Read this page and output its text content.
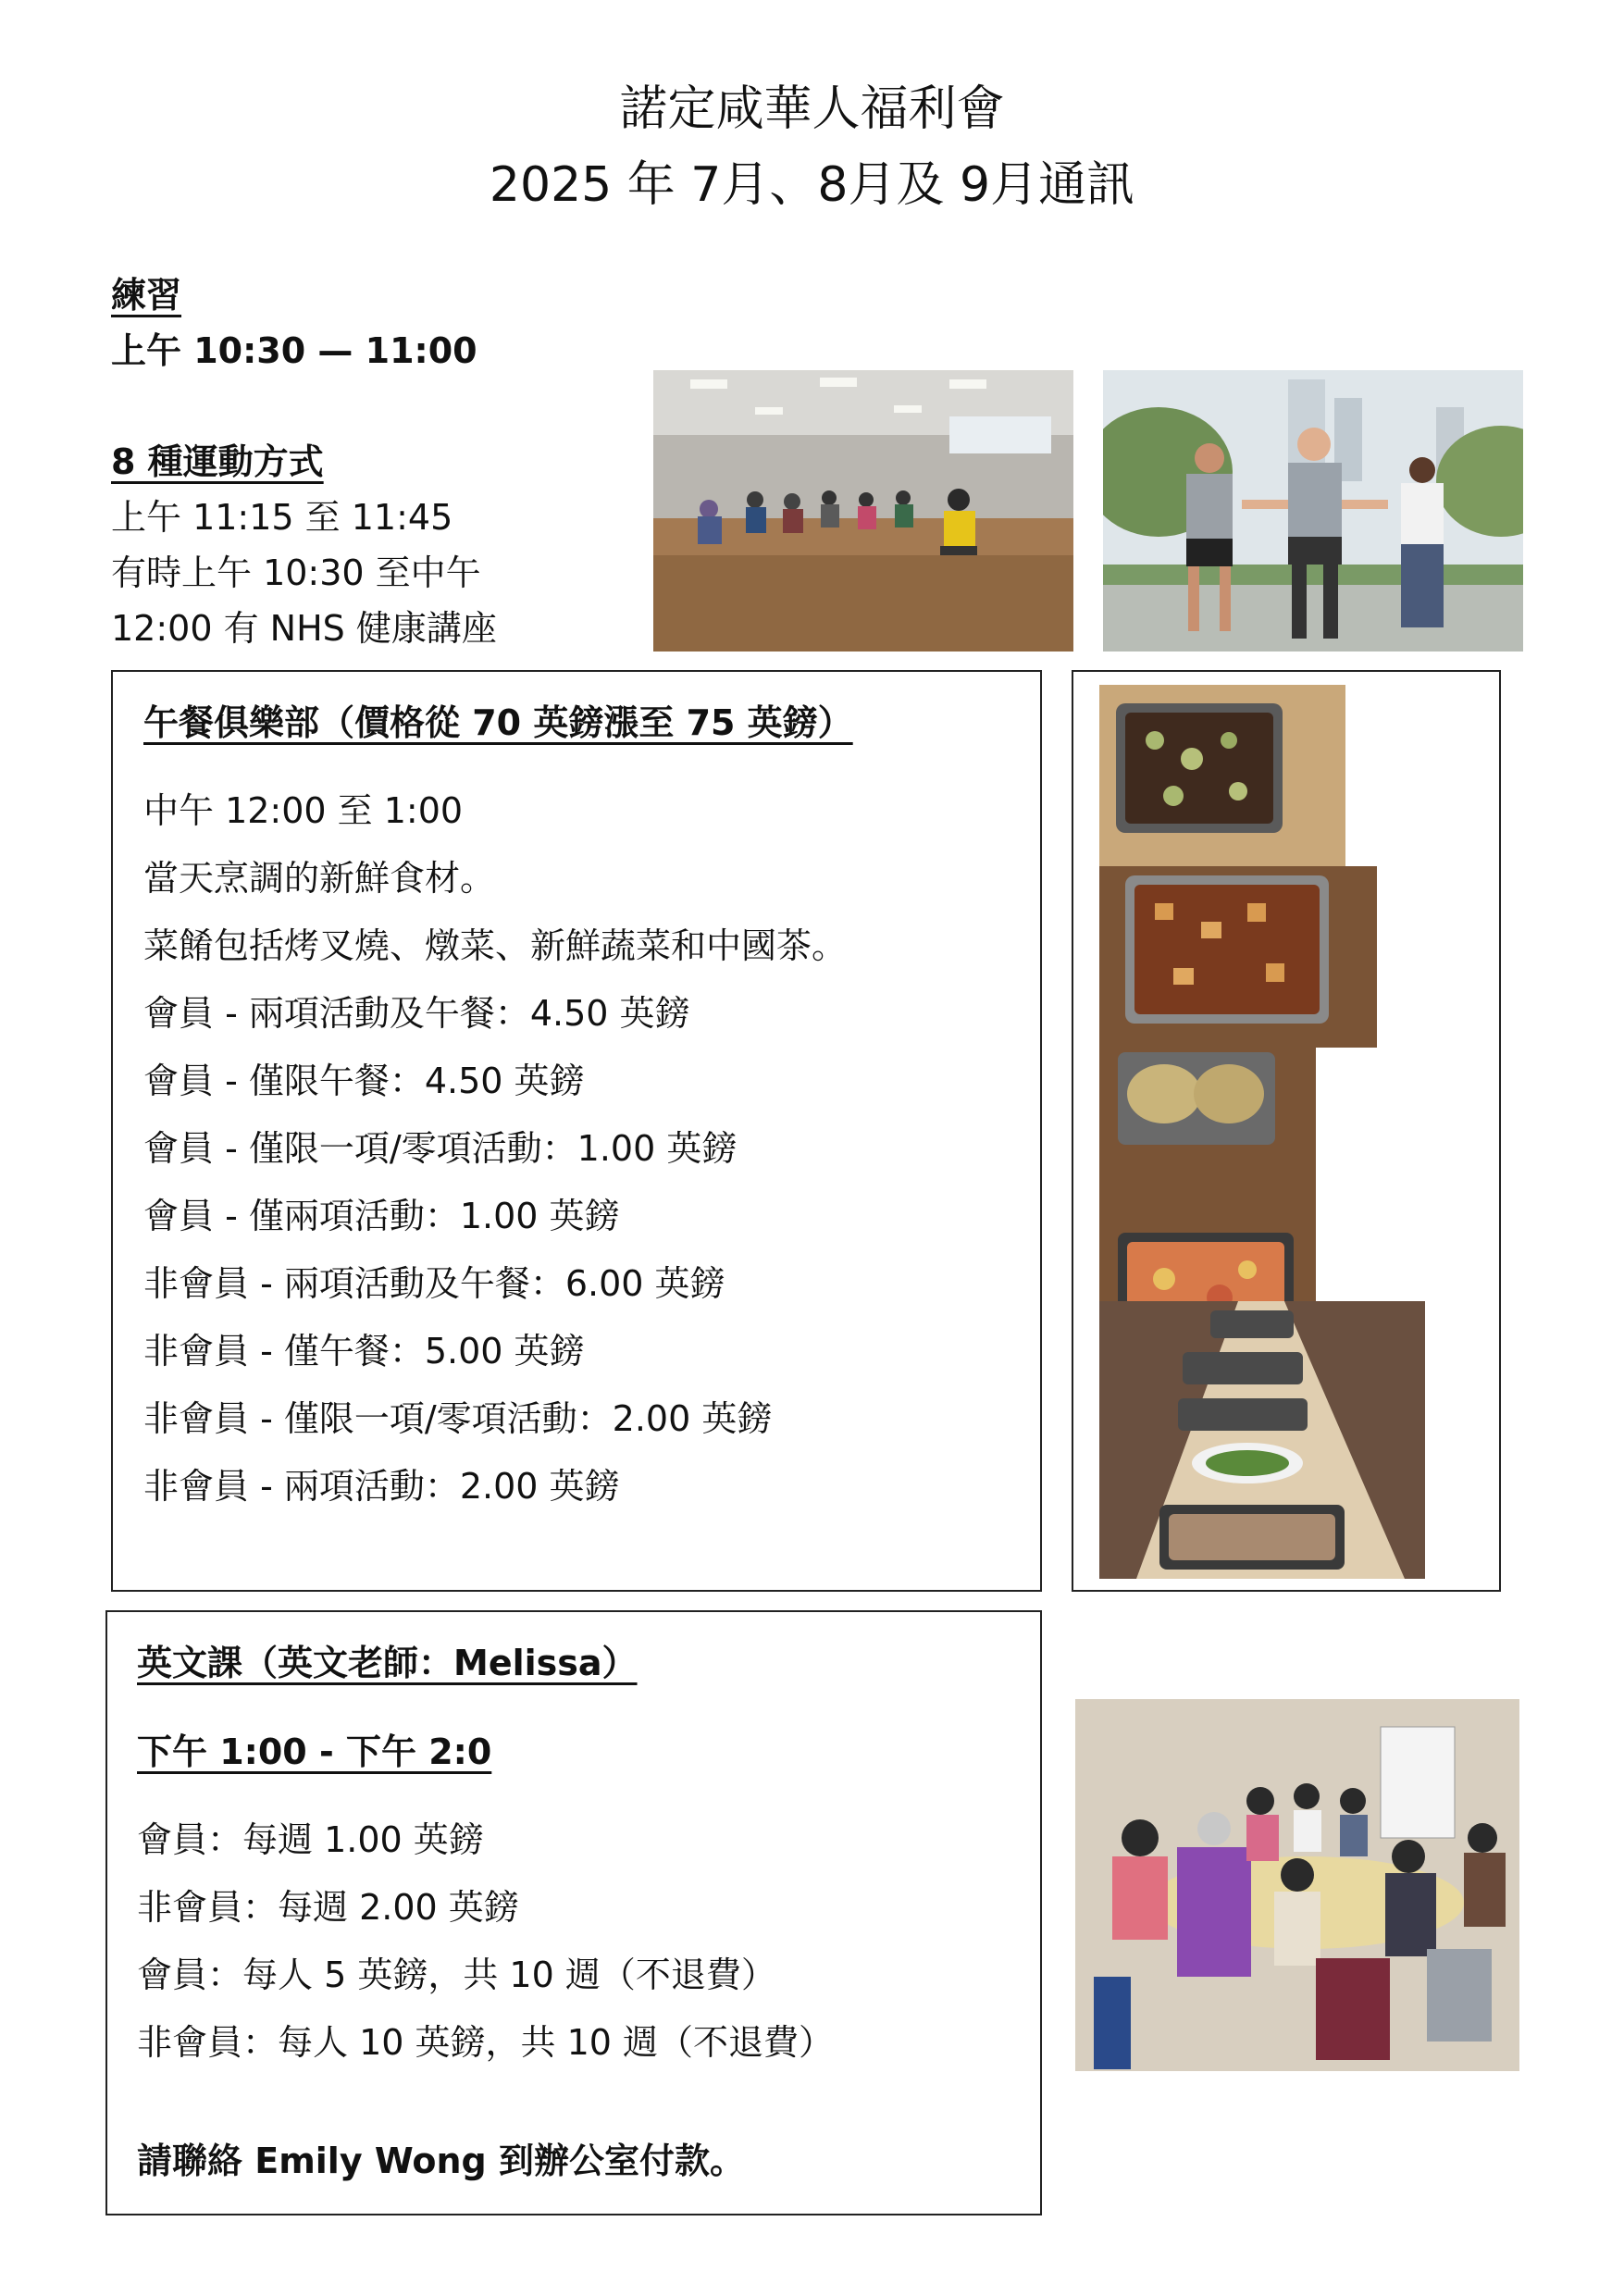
諾定咸華人福利會
2025 年 7月、8月及 9月通訊
練習
上午 10:30 — 11:00
8 種運動方式
上午 11:15 至 11:45
有時上午 10:30 至中午
12:00 有 NHS 健康講座
午餐俱樂部（價格從 70 英鎊漲至 75 英鎊）
中午 12:00 至 1:00
當天烹調的新鮮食材。
菜餚包括烤叉燒、燉菜、新鮮蔬菜和中國茶。
會員 - 兩項活動及午餐：4.50 英鎊
會員 - 僅限午餐：4.50 英鎊
會員 - 僅限一項/零項活動：1.00 英鎊
會員 - 僅兩項活動：1.00 英鎊
非會員 - 兩項活動及午餐：6.00 英鎊
非會員 - 僅午餐：5.00 英鎊
非會員 - 僅限一項/零項活動：2.00 英鎊
非會員 - 兩項活動：2.00 英鎊
英文課（英文老師：Melissa）
下午 1:00 - 下午 2:0
會員：每週 1.00 英鎊
非會員：每週 2.00 英鎊
會員：每人 5 英鎊，共 10 週（不退費）
非會員：每人 10 英鎊，共 10 週（不退費）
請聯絡 Emily Wong 到辦公室付款。
